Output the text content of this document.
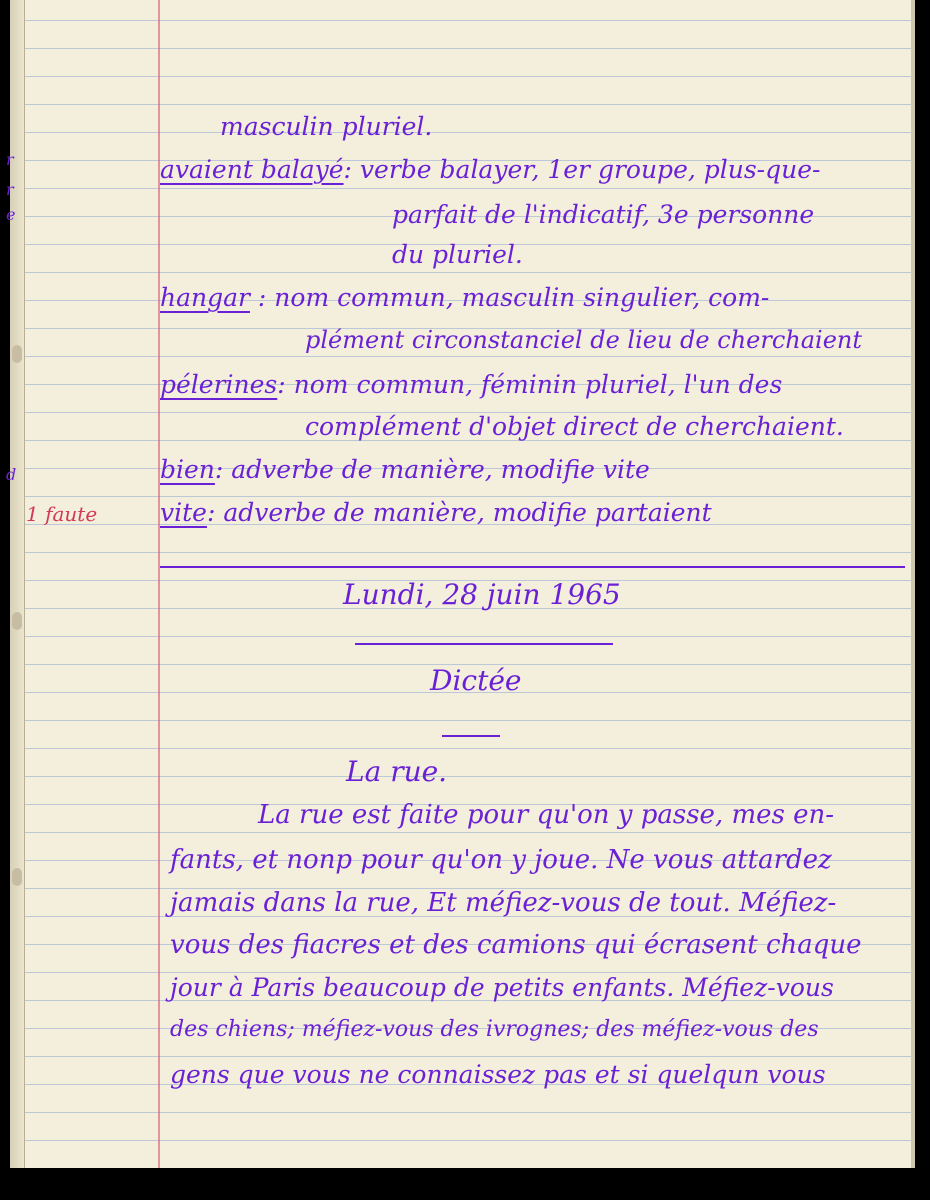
r
r
e
d
1 faute
masculin pluriel.
avaient balayé: verbe balayer, 1er groupe, plus-que-
parfait de l'indicatif, 3e personne
du pluriel.
hangar : nom commun, masculin singulier, com-
plément circonstanciel de lieu de cherchaient
pélerines: nom commun, féminin pluriel, l'un des
complément d'objet direct de cherchaient.
bien: adverbe de manière, modifie vite
vite: adverbe de manière, modifie partaient
Lundi, 28 juin 1965
Dictée
La rue.
La rue est faite pour qu'on y passe, mes en-
fants, et nonp pour qu'on y joue. Ne vous attardez
jamais dans la rue, Et méfiez-vous de tout. Méfiez-
vous des fiacres et des camions qui écrasent chaque
jour à Paris beaucoup de petits enfants. Méfiez-vous
des chiens; méfiez-vous des ivrognes; des méfiez-vous des
gens que vous ne connaissez pas et si quelqun vous
